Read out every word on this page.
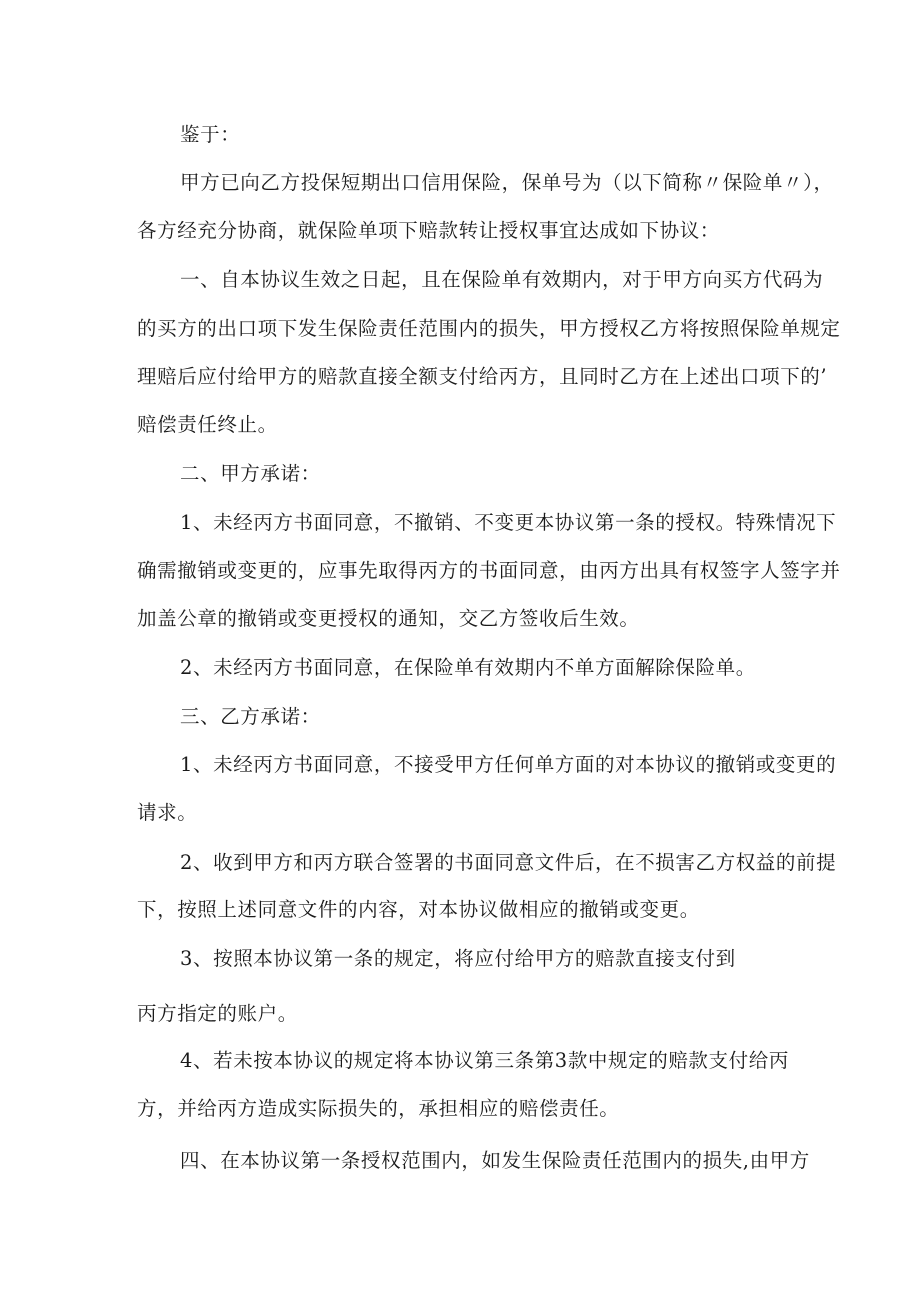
鉴于：
甲方已向乙方投保短期出口信用保险，保单号为（以下简称〃保险单〃），
各方经充分协商，就保险单项下赔款转让授权事宜达成如下协议：
一、自本协议生效之日起，且在保险单有效期内，对于甲方向买方代码为
的买方的出口项下发生保险责任范围内的损失，甲方授权乙方将按照保险单规定
理赔后应付给甲方的赔款直接全额支付给丙方，且同时乙方在上述出口项下的’
赔偿责任终止。
二、甲方承诺：
1、未经丙方书面同意，不撤销、不变更本协议第一条的授权。特殊情况下
确需撤销或变更的，应事先取得丙方的书面同意，由丙方出具有权签字人签字并
加盖公章的撤销或变更授权的通知，交乙方签收后生效。
2、未经丙方书面同意，在保险单有效期内不单方面解除保险单。
三、乙方承诺：
1、未经丙方书面同意，不接受甲方任何单方面的对本协议的撤销或变更的
请求。
2、收到甲方和丙方联合签署的书面同意文件后，在不损害乙方权益的前提
下，按照上述同意文件的内容，对本协议做相应的撤销或变更。
3、按照本协议第一条的规定，将应付给甲方的赔款直接支付到
丙方指定的账户。
4、若未按本协议的规定将本协议第三条第3款中规定的赔款支付给丙
方，并给丙方造成实际损失的，承担相应的赔偿责任。
四、在本协议第一条授权范围内，如发生保险责任范围内的损失,由甲方
